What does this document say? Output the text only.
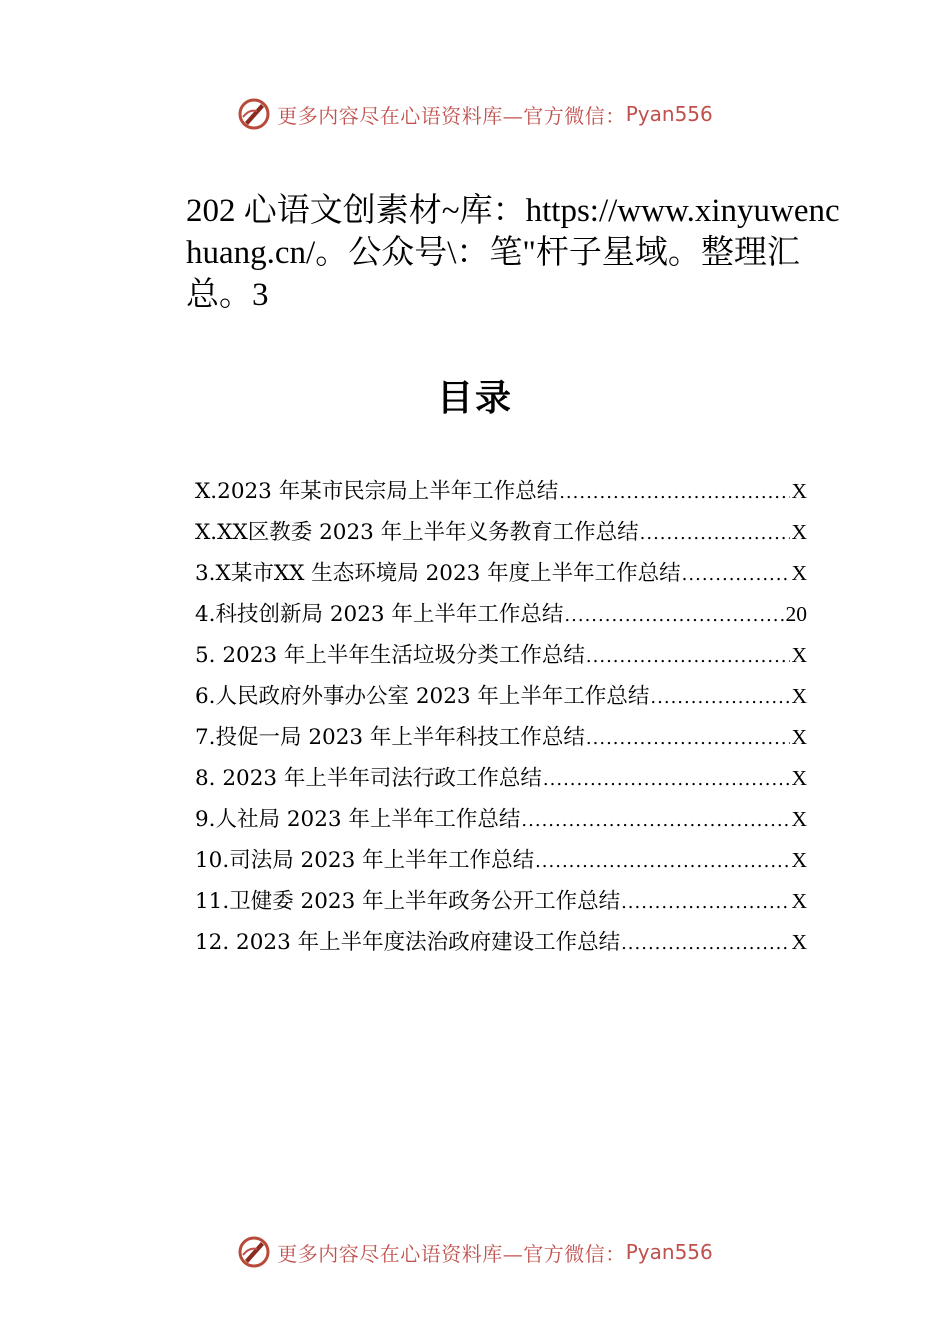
更多内容尽在心语资料库—官方微信： Pyan556
202 心语文创素材~库：https://www.xinyuwenchuang.cn/。公众号\：笔"杆子星域。整理汇总。3
目录
X.2023 年某市民宗局上半年工作总结 .....	X
X.XX区教委 2023 年上半年义务教育工作总结 .....	X
3.X某市XX 生态环境局 2023 年度上半年工作总结 .....	X
4.科技创新局 2023 年上半年工作总结 .....	20
5. 2023 年上半年生活垃圾分类工作总结 .....	X
6.人民政府外事办公室 2023 年上半年工作总结 .....	X
7.投促一局 2023 年上半年科技工作总结 .....	X
8. 2023 年上半年司法行政工作总结 .....	X
9.人社局 2023 年上半年工作总结 .....	X
10.司法局 2023 年上半年工作总结 .....	X
11.卫健委 2023 年上半年政务公开工作总结 .....	X
12. 2023 年上半年度法治政府建设工作总结 .....	X
更多内容尽在心语资料库—官方微信： Pyan556
